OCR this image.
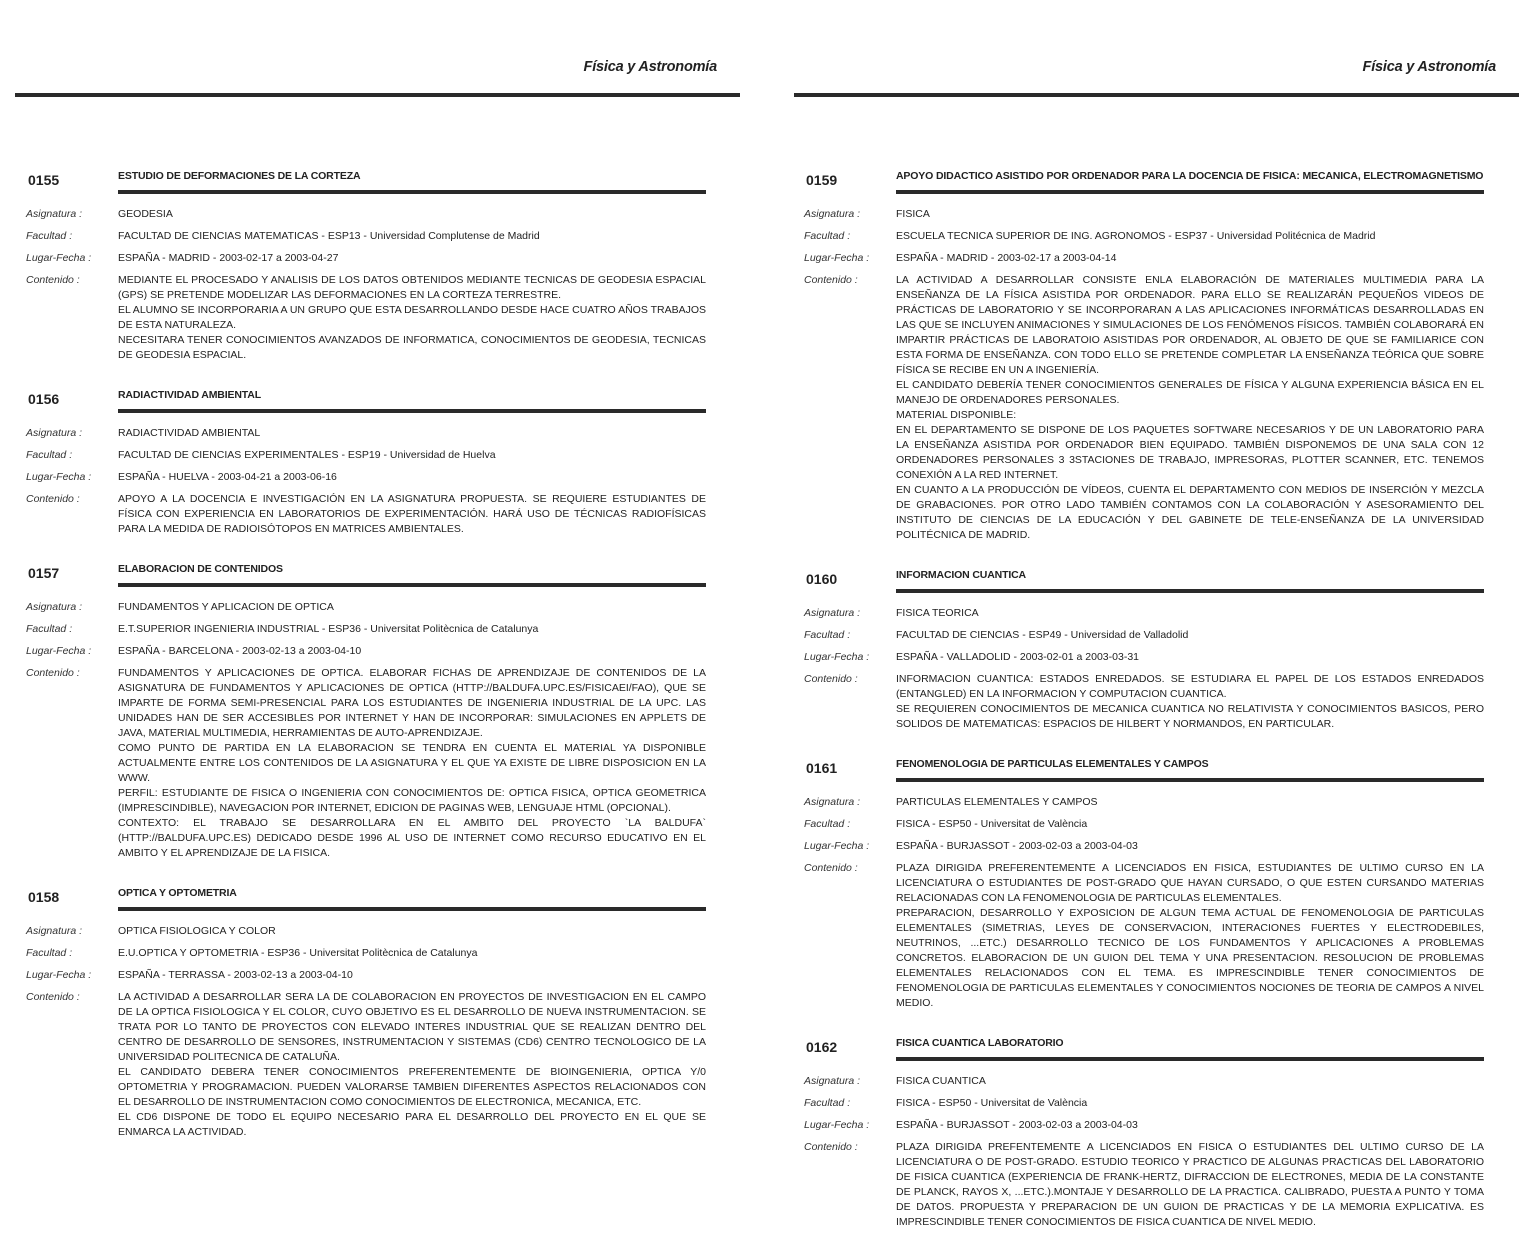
Física y Astronomía
0155	ESTUDIO DE DEFORMACIONES DE LA CORTEZA
Asignatura :	GEODESIA
Facultad :	FACULTAD DE CIENCIAS MATEMATICAS - ESP13 - Universidad Complutense de Madrid
Lugar-Fecha :	ESPAÑA - MADRID - 2003-02-17 a 2003-04-27
Contenido :	MEDIANTE EL PROCESADO Y ANALISIS DE LOS DATOS OBTENIDOS MEDIANTE TECNICAS DE GEODESIA ESPACIAL (GPS) SE PRETENDE MODELIZAR LAS DEFORMACIONES EN LA CORTEZA TERRESTRE.
EL ALUMNO SE INCORPORARIA A UN GRUPO QUE ESTA DESARROLLANDO DESDE HACE CUATRO AÑOS TRABAJOS DE ESTA NATURALEZA.
NECESITARA TENER CONOCIMIENTOS AVANZADOS DE INFORMATICA, CONOCIMIENTOS DE GEODESIA, TECNICAS DE GEODESIA ESPACIAL.
0156	RADIACTIVIDAD AMBIENTAL
Asignatura :	RADIACTIVIDAD AMBIENTAL
Facultad :	FACULTAD DE CIENCIAS EXPERIMENTALES - ESP19 - Universidad de Huelva
Lugar-Fecha :	ESPAÑA - HUELVA - 2003-04-21 a 2003-06-16
Contenido :	APOYO A LA DOCENCIA E INVESTIGACIÓN EN LA ASIGNATURA PROPUESTA. SE REQUIERE ESTUDIANTES DE FÍSICA CON EXPERIENCIA EN LABORATORIOS DE EXPERIMENTACIÓN. HARÁ USO DE TÉCNICAS RADIOFÍSICAS PARA LA MEDIDA DE RADIOISÓTOPOS EN MATRICES AMBIENTALES.
0157	ELABORACION DE CONTENIDOS
Asignatura :	FUNDAMENTOS Y APLICACION DE OPTICA
Facultad :	E.T.SUPERIOR INGENIERIA INDUSTRIAL - ESP36 - Universitat Politècnica de Catalunya
Lugar-Fecha :	ESPAÑA - BARCELONA - 2003-02-13 a 2003-04-10
Contenido :	FUNDAMENTOS Y APLICACIONES DE OPTICA. ELABORAR FICHAS DE APRENDIZAJE DE CONTENIDOS DE LA ASIGNATURA DE FUNDAMENTOS Y APLICACIONES DE OPTICA (HTTP://BALDUFA.UPC.ES/FISICAEI/FAO), QUE SE IMPARTE DE FORMA SEMI-PRESENCIAL PARA LOS ESTUDIANTES DE INGENIERIA INDUSTRIAL DE LA UPC. LAS UNIDADES HAN DE SER ACCESIBLES POR INTERNET Y HAN DE INCORPORAR: SIMULACIONES EN APPLETS DE JAVA, MATERIAL MULTIMEDIA, HERRAMIENTAS DE AUTO-APRENDIZAJE.
COMO PUNTO DE PARTIDA EN LA ELABORACION SE TENDRA EN CUENTA EL MATERIAL YA DISPONIBLE ACTUALMENTE ENTRE LOS CONTENIDOS DE LA ASIGNATURA Y EL QUE YA EXISTE DE LIBRE DISPOSICION EN LA WWW.
PERFIL: ESTUDIANTE DE FISICA O INGENIERIA CON CONOCIMIENTOS DE: OPTICA FISICA, OPTICA GEOMETRICA (IMPRESCINDIBLE), NAVEGACION POR INTERNET, EDICION DE PAGINAS WEB, LENGUAJE HTML (OPCIONAL).
CONTEXTO: EL TRABAJO SE DESARROLLARA EN EL AMBITO DEL PROYECTO `LA BALDUFA` (HTTP://BALDUFA.UPC.ES) DEDICADO DESDE 1996 AL USO DE INTERNET COMO RECURSO EDUCATIVO EN EL AMBITO Y EL APRENDIZAJE DE LA FISICA.
0158	OPTICA Y OPTOMETRIA
Asignatura :	OPTICA FISIOLOGICA Y COLOR
Facultad :	E.U.OPTICA Y OPTOMETRIA - ESP36 - Universitat Politècnica de Catalunya
Lugar-Fecha :	ESPAÑA - TERRASSA - 2003-02-13 a 2003-04-10
Contenido :	LA ACTIVIDAD A DESARROLLAR SERA LA DE COLABORACION EN PROYECTOS DE INVESTIGACION EN EL CAMPO DE LA OPTICA FISIOLOGICA Y EL COLOR, CUYO OBJETIVO ES EL DESARROLLO DE NUEVA INSTRUMENTACION. SE TRATA POR LO TANTO DE PROYECTOS CON ELEVADO INTERES INDUSTRIAL QUE SE REALIZAN DENTRO DEL CENTRO DE DESARROLLO DE SENSORES, INSTRUMENTACION Y SISTEMAS (CD6) CENTRO TECNOLOGICO DE LA UNIVERSIDAD POLITECNICA DE CATALUÑA.
EL CANDIDATO DEBERA TENER CONOCIMIENTOS PREFERENTEMENTE DE BIOINGENIERIA, OPTICA Y/0 OPTOMETRIA Y PROGRAMACION. PUEDEN VALORARSE TAMBIEN DIFERENTES ASPECTOS RELACIONADOS CON EL DESARROLLO DE INSTRUMENTACION COMO CONOCIMIENTOS DE ELECTRONICA, MECANICA, ETC.
EL CD6 DISPONE DE TODO EL EQUIPO NECESARIO PARA EL DESARROLLO DEL PROYECTO EN EL QUE SE ENMARCA LA ACTIVIDAD.
Física y Astronomía
0159	APOYO DIDACTICO ASISTIDO POR ORDENADOR PARA LA DOCENCIA DE FISICA: MECANICA, ELECTROMAGNETISMO
Asignatura :	FISICA
Facultad :	ESCUELA TECNICA SUPERIOR DE ING. AGRONOMOS - ESP37 - Universidad Politécnica de Madrid
Lugar-Fecha :	ESPAÑA - MADRID - 2003-02-17 a 2003-04-14
Contenido :	LA ACTIVIDAD A DESARROLLAR CONSISTE ENLA ELABORACIÓN DE MATERIALES MULTIMEDIA PARA LA ENSEÑANZA DE LA FÍSICA ASISTIDA POR ORDENADOR. PARA ELLO SE REALIZARÁN PEQUEÑOS VIDEOS DE PRÁCTICAS DE LABORATORIO Y SE INCORPORARAN A LAS APLICACIONES INFORMÁTICAS DESARROLLADAS EN LAS QUE SE INCLUYEN ANIMACIONES Y SIMULACIONES DE LOS FENÓMENOS FÍSICOS. TAMBIÉN COLABORARÁ EN IMPARTIR PRÁCTICAS DE LABORATOIO ASISTIDAS POR ORDENADOR, AL OBJETO DE QUE SE FAMILIARICE CON ESTA FORMA DE ENSEÑANZA. CON TODO ELLO SE PRETENDE COMPLETAR LA ENSEÑANZA TEÓRICA QUE SOBRE FÍSICA SE RECIBE EN UN A INGENIERÍA.
EL CANDIDATO DEBERÍA TENER CONOCIMIENTOS GENERALES DE FÍSICA Y ALGUNA EXPERIENCIA BÁSICA EN EL MANEJO DE ORDENADORES PERSONALES.
MATERIAL DISPONIBLE:
EN EL DEPARTAMENTO SE DISPONE DE LOS PAQUETES SOFTWARE NECESARIOS Y DE UN LABORATORIO PARA LA ENSEÑANZA ASISTIDA POR ORDENADOR BIEN EQUIPADO. TAMBIÉN DISPONEMOS DE UNA SALA CON 12 ORDENADORES PERSONALES 3 3STACIONES DE TRABAJO, IMPRESORAS, PLOTTER SCANNER, ETC. TENEMOS CONEXIÓN A LA RED INTERNET.
EN CUANTO A LA PRODUCCIÓN DE VÍDEOS, CUENTA EL DEPARTAMENTO CON MEDIOS DE INSERCIÓN Y MEZCLA DE GRABACIONES. POR OTRO LADO TAMBIÉN CONTAMOS CON LA COLABORACIÓN Y ASESORAMIENTO DEL INSTITUTO DE CIENCIAS DE LA EDUCACIÓN Y DEL GABINETE DE TELE-ENSEÑANZA DE LA UNIVERSIDAD POLITÉCNICA DE MADRID.
0160	INFORMACION CUANTICA
Asignatura :	FISICA TEORICA
Facultad :	FACULTAD DE CIENCIAS - ESP49 - Universidad de Valladolid
Lugar-Fecha :	ESPAÑA - VALLADOLID - 2003-02-01 a 2003-03-31
Contenido :	INFORMACION CUANTICA: ESTADOS ENREDADOS. SE ESTUDIARA EL PAPEL DE LOS ESTADOS ENREDADOS (ENTANGLED) EN LA INFORMACION Y COMPUTACION CUANTICA.
SE REQUIEREN CONOCIMIENTOS DE MECANICA CUANTICA NO RELATIVISTA Y CONOCIMIENTOS BASICOS, PERO SOLIDOS DE MATEMATICAS: ESPACIOS DE HILBERT Y NORMANDOS, EN PARTICULAR.
0161	FENOMENOLOGIA DE PARTICULAS ELEMENTALES Y CAMPOS
Asignatura :	PARTICULAS ELEMENTALES Y CAMPOS
Facultad :	FISICA - ESP50 - Universitat de València
Lugar-Fecha :	ESPAÑA - BURJASSOT - 2003-02-03 a 2003-04-03
Contenido :	PLAZA DIRIGIDA PREFERENTEMENTE A LICENCIADOS EN FISICA, ESTUDIANTES DE ULTIMO CURSO EN LA LICENCIATURA O ESTUDIANTES DE POST-GRADO QUE HAYAN CURSADO, O QUE ESTEN CURSANDO MATERIAS RELACIONADAS CON LA FENOMENOLOGIA DE PARTICULAS ELEMENTALES.
PREPARACION, DESARROLLO Y EXPOSICION DE ALGUN TEMA ACTUAL DE FENOMENOLOGIA DE PARTICULAS ELEMENTALES (SIMETRIAS, LEYES DE CONSERVACION, INTERACIONES FUERTES Y ELECTRODEBILES, NEUTRINOS, ...ETC.) DESARROLLO TECNICO DE LOS FUNDAMENTOS Y APLICACIONES A PROBLEMAS CONCRETOS. ELABORACION DE UN GUION DEL TEMA Y UNA PRESENTACION. RESOLUCION DE PROBLEMAS ELEMENTALES RELACIONADOS CON EL TEMA. ES IMPRESCINDIBLE TENER CONOCIMIENTOS DE FENOMENOLOGIA DE PARTICULAS ELEMENTALES Y CONOCIMIENTOS NOCIONES DE TEORIA DE CAMPOS A NIVEL MEDIO.
0162	FISICA CUANTICA LABORATORIO
Asignatura :	FISICA CUANTICA
Facultad :	FISICA - ESP50 - Universitat de València
Lugar-Fecha :	ESPAÑA - BURJASSOT - 2003-02-03 a 2003-04-03
Contenido :	PLAZA DIRIGIDA PREFENTEMENTE A LICENCIADOS EN FISICA O ESTUDIANTES DEL ULTIMO CURSO DE LA LICENCIATURA O DE POST-GRADO. ESTUDIO TEORICO Y PRACTICO DE ALGUNAS PRACTICAS DEL LABORATORIO DE FISICA CUANTICA (EXPERIENCIA DE FRANK-HERTZ, DIFRACCION DE ELECTRONES, MEDIA DE LA CONSTANTE DE PLANCK, RAYOS X, ...ETC.).MONTAJE Y DESARROLLO DE LA PRACTICA. CALIBRADO, PUESTA A PUNTO Y TOMA DE DATOS. PROPUESTA Y PREPARACION DE UN GUION DE PRACTICAS Y DE LA MEMORIA EXPLICATIVA. ES IMPRESCINDIBLE TENER CONOCIMIENTOS DE FISICA CUANTICA DE NIVEL MEDIO.
